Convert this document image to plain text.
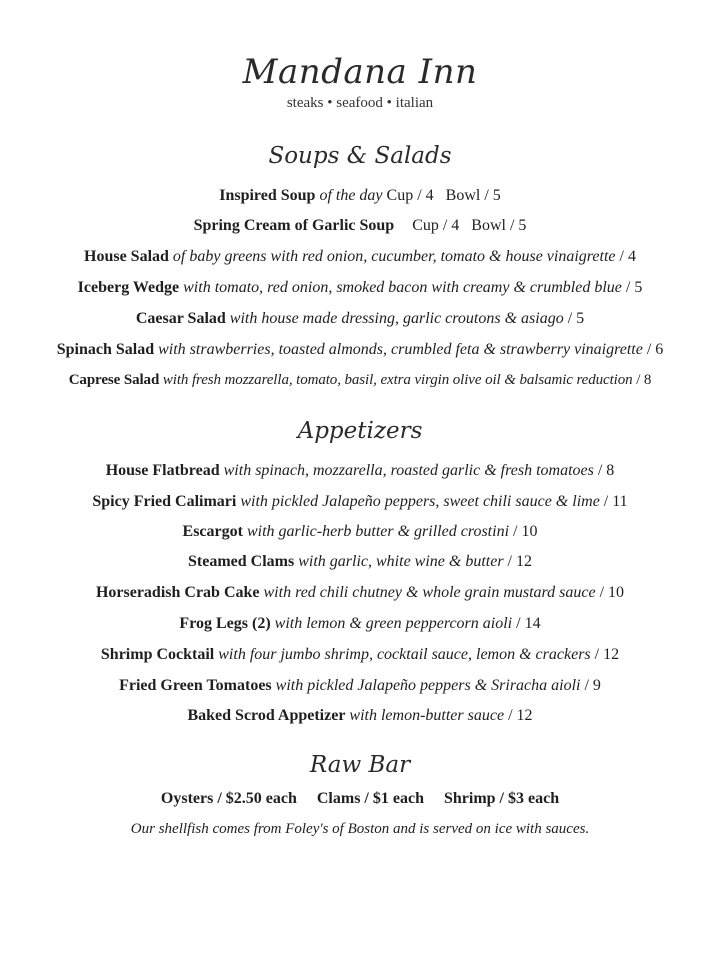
Mandana Inn
steaks • seafood • italian
Soups & Salads
Inspired Soup of the day Cup / 4   Bowl / 5
Spring Cream of Garlic Soup Cup / 4   Bowl / 5
House Salad of baby greens with red onion, cucumber, tomato & house vinaigrette / 4
Iceberg Wedge with tomato, red onion, smoked bacon with creamy & crumbled blue / 5
Caesar Salad with house made dressing, garlic croutons & asiago / 5
Spinach Salad with strawberries, toasted almonds, crumbled feta & strawberry vinaigrette / 6
Caprese Salad with fresh mozzarella, tomato, basil, extra virgin olive oil & balsamic reduction / 8
Appetizers
House Flatbread with spinach, mozzarella, roasted garlic & fresh tomatoes / 8
Spicy Fried Calimari with pickled Jalapeño peppers, sweet chili sauce & lime / 11
Escargot with garlic-herb butter & grilled crostini / 10
Steamed Clams with garlic, white wine & butter / 12
Horseradish Crab Cake with red chili chutney & whole grain mustard sauce / 10
Frog Legs (2) with lemon & green peppercorn aioli / 14
Shrimp Cocktail with four jumbo shrimp, cocktail sauce, lemon & crackers / 12
Fried Green Tomatoes with pickled Jalapeño peppers & Sriracha aioli / 9
Baked Scrod Appetizer with lemon-butter sauce / 12
Raw Bar
Oysters / $2.50 each Clams / $1 each Shrimp / $3 each
Our shellfish comes from Foley's of Boston and is served on ice with sauces.
